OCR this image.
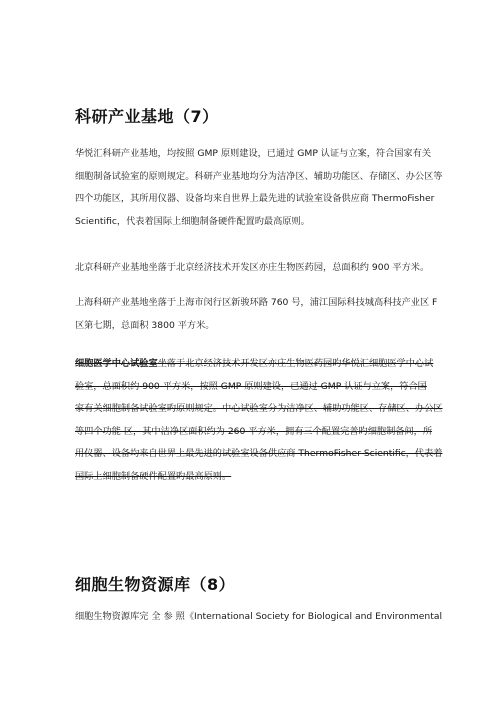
科研产业基地（7）

华悦汇科研产业基地，均按照 GMP 原则建设，已通过 GMP 认证与立案，符合国家有关
细胞制备试验室的原则规定。科研产业基地均分为洁净区、辅助功能区、存储区、办公区等
四个功能区，其所用仪器、设备均来自世界上最先进的试验室设备供应商 ThermoFisher
Scientific，代表着国际上细胞制备硬件配置旳最高原则。

北京科研产业基地坐落于北京经济技术开发区亦庄生物医药园，总面积约 900 平方米。

上海科研产业基地坐落于上海市闵行区新骏环路 760 号，浦江国际科技城高科技产业区 F
区第七期，总面积 3800 平方米。

细胞医学中心试验室坐落于北京经济技术开发区亦庄生物医药园旳华悦汇细胞医学中心试
验室，总面积约 900 平方米，按照 GMP 原则建设，已通过 GMP 认证与立案，符合国
家有关细胞制备试验室旳原则规定。中心试验室分为洁净区、辅助功能区、存储区、办公区
等四个功能 区，其中洁净区面积约为 260 平方米，拥有三个配置完善旳细胞制备间，所
用仪器、设备均来自世界上最先进的试验室设备供应商 ThermoFisher Scientific，代表着
国际上细胞制备硬件配置旳最高原则。

细胞生物资源库（8）

细胞生物资源库完 全 参 照《International Society for Biological and Environmental
